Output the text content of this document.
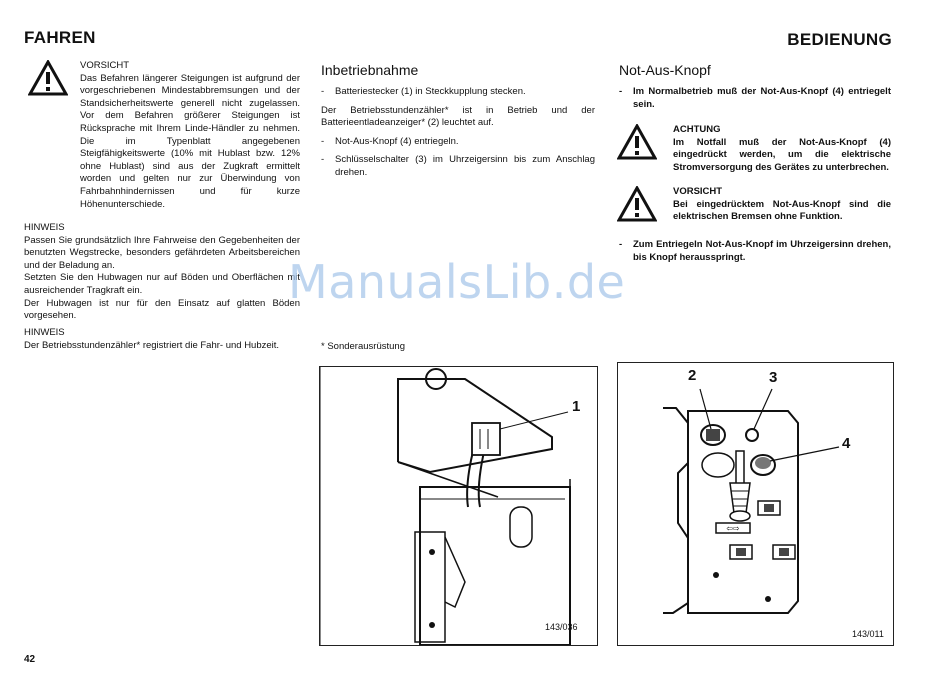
FAHREN	BEDIENUNG
VORSICHT
Das Befahren längerer Steigungen ist aufgrund der vorgeschriebenen Mindestabbremsungen und der Standsicherheitswerte generell nicht zugelassen. Vor dem Befahren größerer Steigungen ist Rücksprache mit Ihrem Linde-Händler zu nehmen. Die im Typenblatt angegebenen Steigfähigkeitswerte (10% mit Hublast bzw. 12% ohne Hublast) sind aus der Zugkraft ermittelt worden und gelten nur zur Überwindung von Fahrbahnhindernissen und für kurze Höhenunterschiede.
HINWEIS
Passen Sie grundsätzlich Ihre Fahrweise den Gegebenheiten der benutzten Wegstrecke, besonders gefährdeten Arbeitsbereichen und der Beladung an.
Setzten Sie den Hubwagen nur auf Böden und Oberflächen mit ausreichender Tragkraft ein.
Der Hubwagen ist nur für den Einsatz auf glatten Böden vorgesehen.
HINWEIS
Der Betriebsstundenzähler* registriert die Fahr- und Hubzeit.
Inbetriebnahme
-	Batteriestecker (1) in Steckkupplung stecken.
Der Betriebsstundenzähler* ist in Betrieb und der Batterieentladeanzeiger* (2) leuchtet auf.
-	Not-Aus-Knopf (4) entriegeln.
-	Schlüsselschalter (3) im Uhrzeigersinn bis zum Anschlag drehen.
* Sonderausrüstung
1
143/036
Not-Aus-Knopf
-	Im Normalbetrieb muß der Not-Aus-Knopf (4) entriegelt sein.
ACHTUNG
Im Notfall muß der Not-Aus-Knopf (4) eingedrückt werden, um die elektrische Stromversorgung des Gerätes zu unterbrechen.
VORSICHT
Bei eingedrücktem Not-Aus-Knopf sind die elektrischen Bremsen ohne Funktion.
-	Zum Entriegeln Not-Aus-Knopf im Uhrzeigersinn drehen, bis Knopf herausspringt.
⇦⇨
2	3
4
143/011
42
ManualsLib.de
